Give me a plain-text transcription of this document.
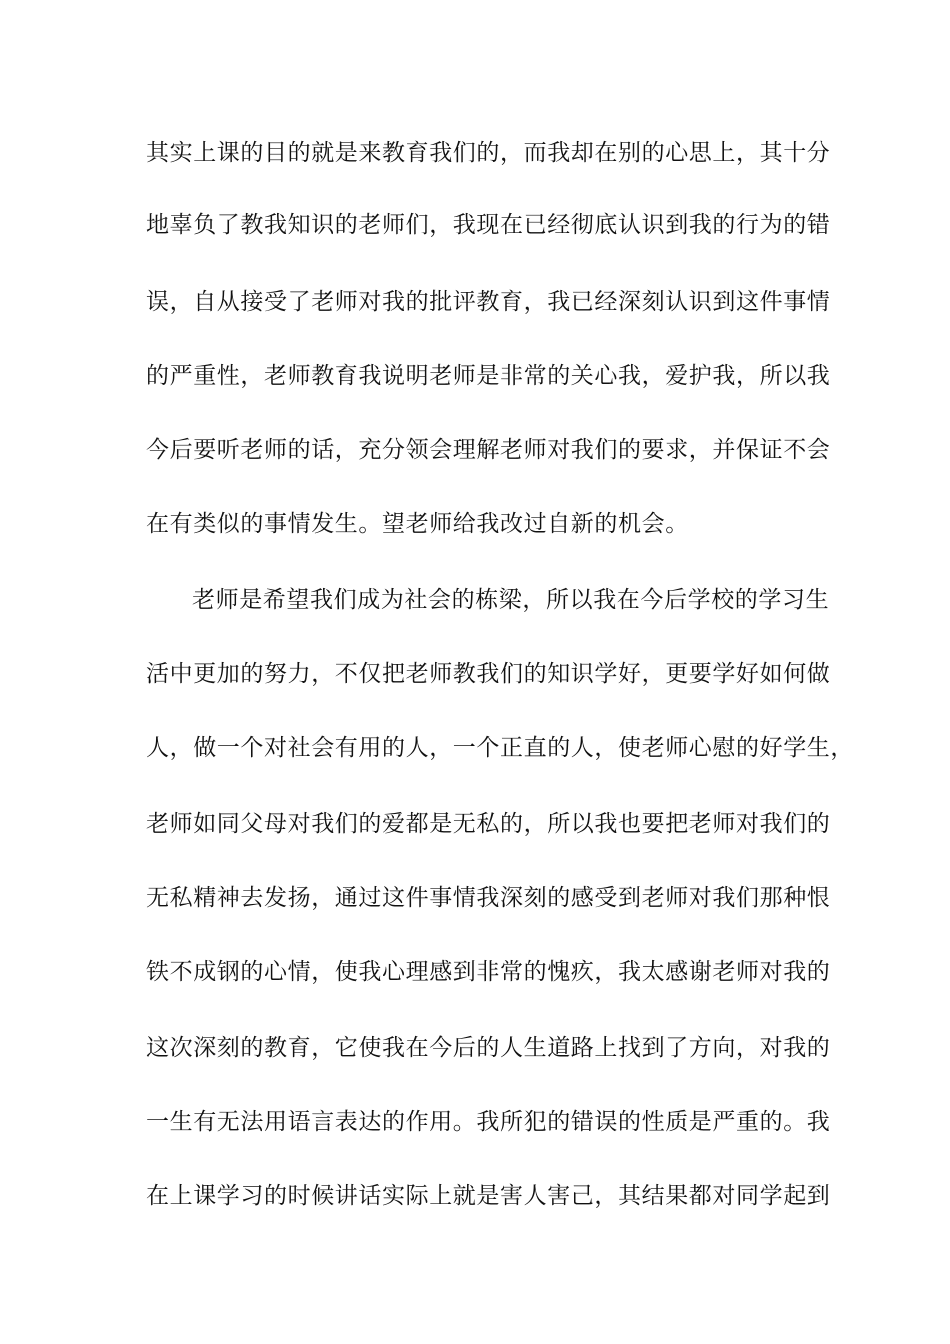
其实上课的目的就是来教育我们的，而我却在别的心思上，其十分
地辜负了教我知识的老师们，我现在已经彻底认识到我的行为的错
误，自从接受了老师对我的批评教育，我已经深刻认识到这件事情
的严重性，老师教育我说明老师是非常的关心我，爱护我，所以我
今后要听老师的话，充分领会理解老师对我们的要求，并保证不会
在有类似的事情发生。望老师给我改过自新的机会。
老师是希望我们成为社会的栋梁，所以我在今后学校的学习生
活中更加的努力，不仅把老师教我们的知识学好，更要学好如何做
人，做一个对社会有用的人，一个正直的人，使老师心慰的好学生，
老师如同父母对我们的爱都是无私的，所以我也要把老师对我们的
无私精神去发扬，通过这件事情我深刻的感受到老师对我们那种恨
铁不成钢的心情，使我心理感到非常的愧疚，我太感谢老师对我的
这次深刻的教育，它使我在今后的人生道路上找到了方向，对我的
一生有无法用语言表达的作用。我所犯的错误的性质是严重的。我
在上课学习的时候讲话实际上就是害人害己，其结果都对同学起到
